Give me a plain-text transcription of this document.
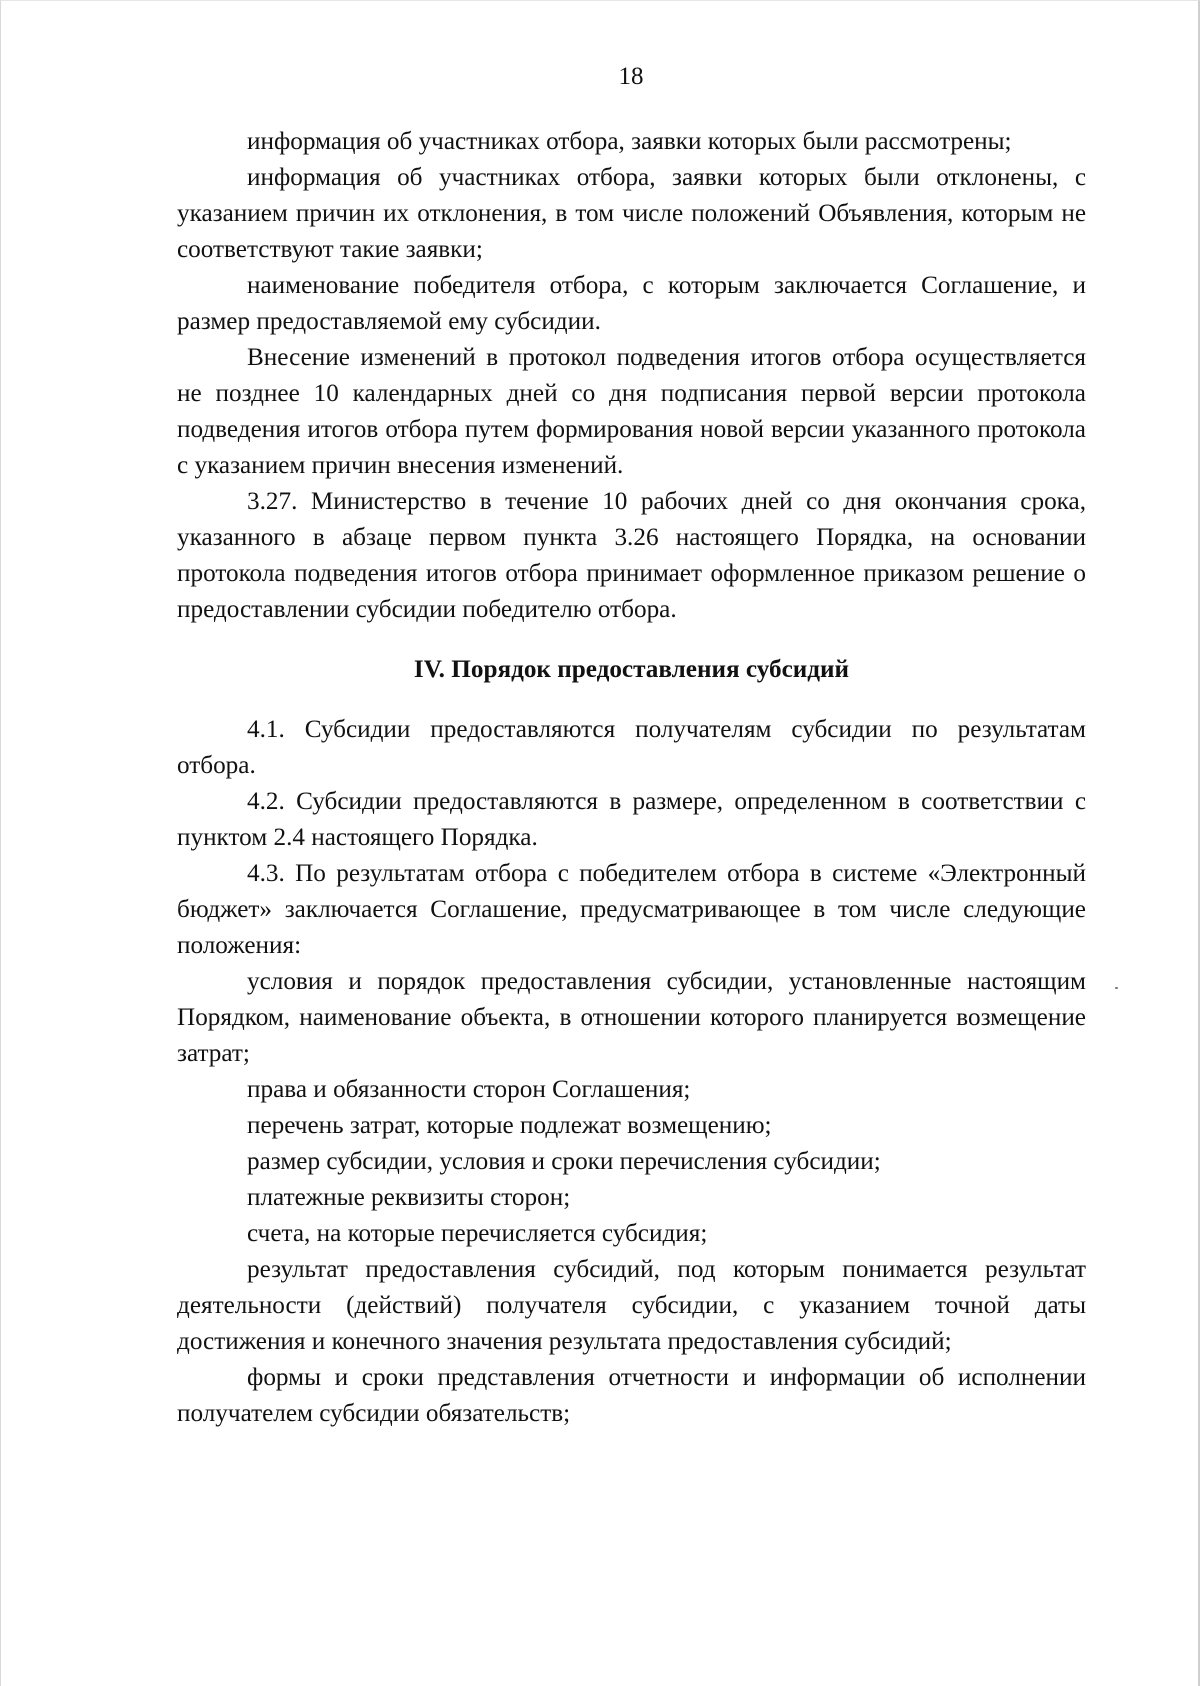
18

информация об участниках отбора, заявки которых были рассмотрены;

информация об участниках отбора, заявки которых были отклонены, с указанием причин их отклонения, в том числе положений Объявления, которым не соответствуют такие заявки;

наименование победителя отбора, с которым заключается Соглашение, и размер предоставляемой ему субсидии.

Внесение изменений в протокол подведения итогов отбора осуществляется не позднее 10 календарных дней со дня подписания первой версии протокола подведения итогов отбора путем формирования новой версии указанного протокола с указанием причин внесения изменений.

3.27. Министерство в течение 10 рабочих дней со дня окончания срока, указанного в абзаце первом пункта 3.26 настоящего Порядка, на основании протокола подведения итогов отбора принимает оформленное приказом решение о предоставлении субсидии победителю отбора.

IV. Порядок предоставления субсидий

4.1. Субсидии предоставляются получателям субсидии по результатам отбора.

4.2. Субсидии предоставляются в размере, определенном в соответствии с пунктом 2.4 настоящего Порядка.

4.3. По результатам отбора с победителем отбора в системе «Электронный бюджет» заключается Соглашение, предусматривающее в том числе следующие положения:

условия и порядок предоставления субсидии, установленные настоящим Порядком, наименование объекта, в отношении которого планируется возмещение затрат;

права и обязанности сторон Соглашения;

перечень затрат, которые подлежат возмещению;

размер субсидии, условия и сроки перечисления субсидии;

платежные реквизиты сторон;

счета, на которые перечисляется субсидия;

результат предоставления субсидий, под которым понимается результат деятельности (действий) получателя субсидии, с указанием точной даты достижения и конечного значения результата предоставления субсидий;

формы и сроки представления отчетности и информации об исполнении получателем субсидии обязательств;
